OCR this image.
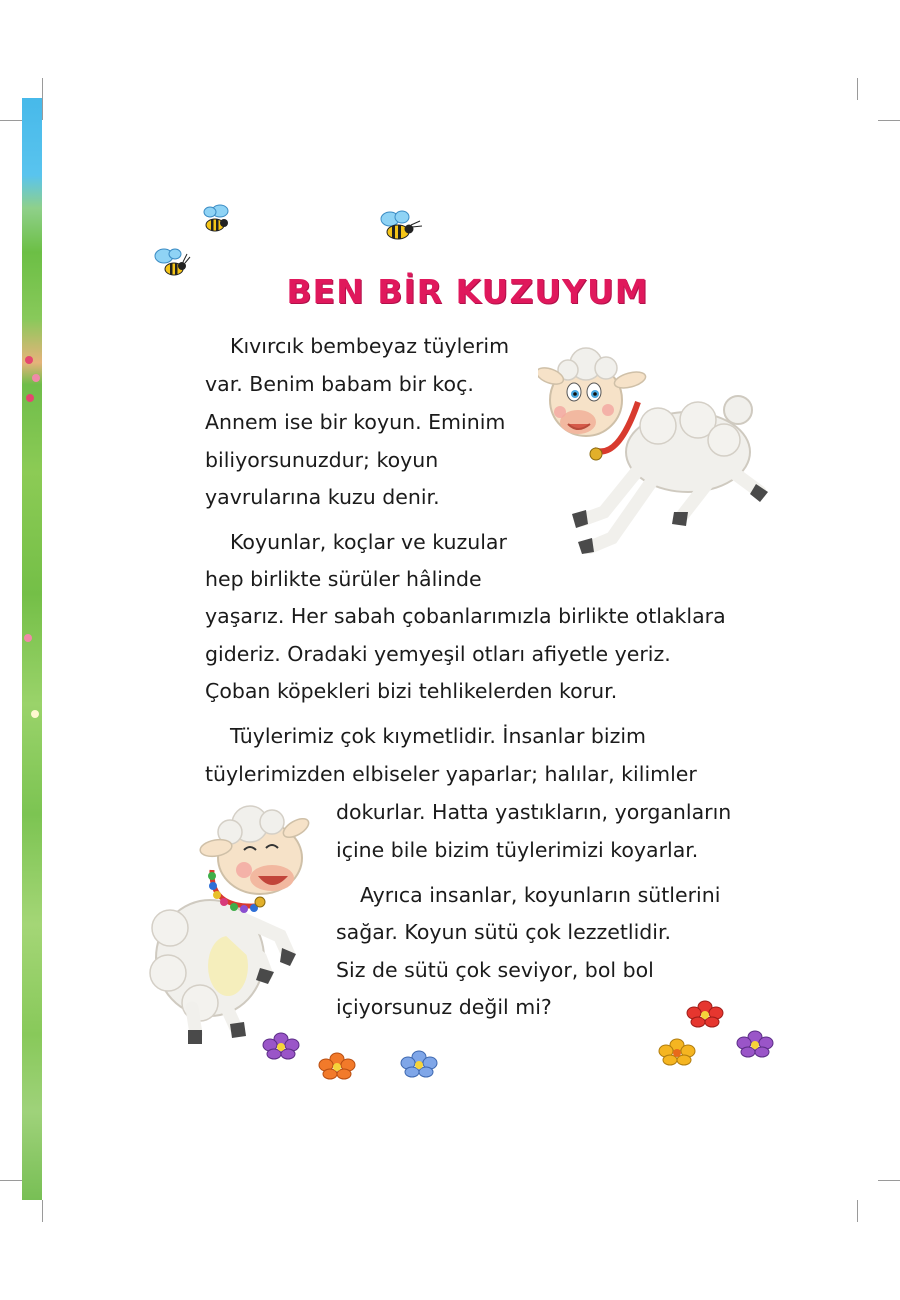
BEN BİR KUZUYUM

Kıvırcık bembeyaz tüylerim

var. Benim babam bir koç.

Annem ise bir koyun. Eminim

biliyorsunuzdur; koyun

yavrularına kuzu denir.

Koyunlar, koçlar ve kuzular

hep birlikte sürüler hâlinde

yaşarız. Her sabah çobanlarımızla birlikte otlaklara

gideriz. Oradaki yemyeşil otları afiyetle yeriz.

Çoban köpekleri bizi tehlikelerden korur.

Tüylerimiz çok kıymetlidir. İnsanlar bizim

tüylerimizden elbiseler yaparlar; halılar, kilimler

dokurlar. Hatta yastıkların, yorganların

içine bile bizim tüylerimizi koyarlar.

Ayrıca insanlar, koyunların sütlerini

sağar. Koyun sütü çok lezzetlidir.

Siz de sütü çok seviyor, bol bol

içiyorsunuz değil mi?
